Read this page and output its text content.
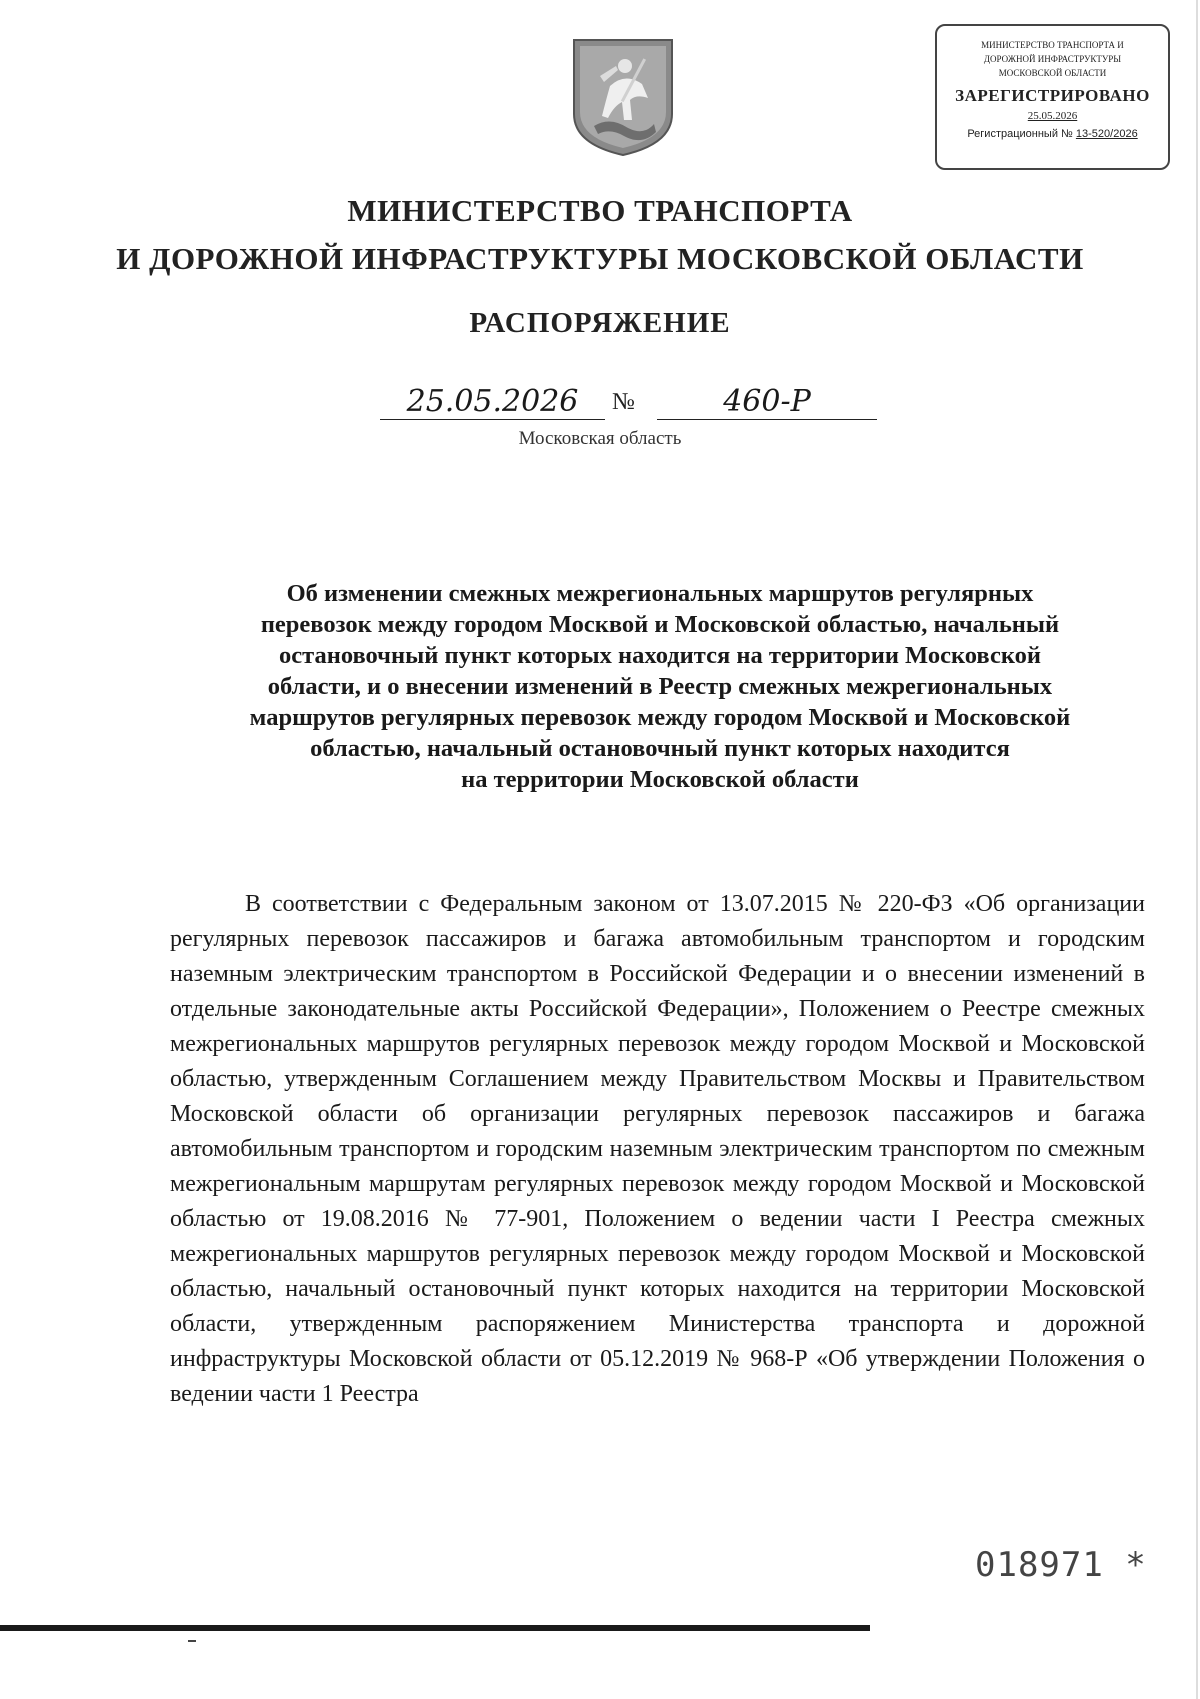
МИНИСТЕРСТВО ТРАНСПОРТА И
ДОРОЖНОЙ ИНФРАСТРУКТУРЫ
МОСКОВСКОЙ ОБЛАСТИ
ЗАРЕГИСТРИРОВАНО
25.05.2026
Регистрационный № 13-520/2026
МИНИСТЕРСТВО ТРАНСПОРТА
И ДОРОЖНОЙ ИНФРАСТРУКТУРЫ МОСКОВСКОЙ ОБЛАСТИ
РАСПОРЯЖЕНИЕ
25.05.2026	№	460-Р
Московская область
Об изменении смежных межрегиональных маршрутов регулярных
перевозок между городом Москвой и Московской областью, начальный
остановочный пункт которых находится на территории Московской
области, и о внесении изменений в Реестр смежных межрегиональных
маршрутов регулярных перевозок между городом Москвой и Московской
областью, начальный остановочный пункт которых находится
на территории Московской области
В соответствии с Федеральным законом от 13.07.2015 № 220-ФЗ «Об организации регулярных перевозок пассажиров и багажа автомобильным транспортом и городским наземным электрическим транспортом в Российской Федерации и о внесении изменений в отдельные законодательные акты Российской Федерации», Положением о Реестре смежных межрегиональных маршрутов регулярных перевозок между городом Москвой и Московской областью, утвержденным Соглашением между Правительством Москвы и Правительством Московской области об организации регулярных перевозок пассажиров и багажа автомобильным транспортом и городским наземным электрическим транспортом по смежным межрегиональным маршрутам регулярных перевозок между городом Москвой и Московской областью от 19.08.2016 № 77-901, Положением о ведении части I Реестра смежных межрегиональных маршрутов регулярных перевозок между городом Москвой и Московской областью, начальный остановочный пункт которых находится на территории Московской области, утвержденным распоряжением Министерства транспорта и дорожной инфраструктуры Московской области от 05.12.2019 № 968-Р «Об утверждении Положения о ведении части 1 Реестра
018971 *
